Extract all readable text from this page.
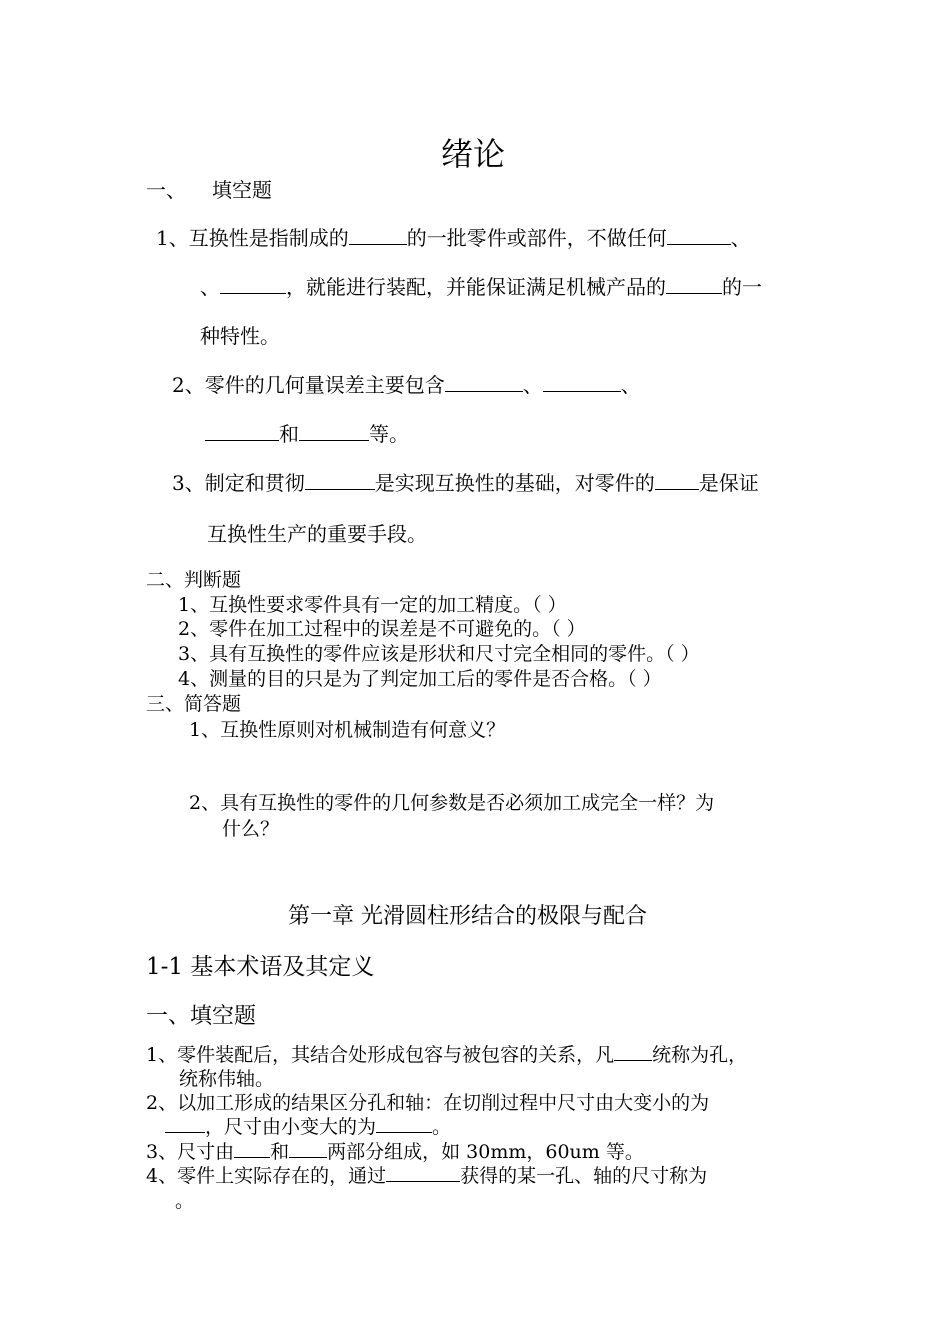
绪论
一、 填空题
1、互换性是指制成的	的一批零件或部件，不做任何	、
、	，就能进行装配，并能保证满足机械产品的	的一
种特性。
2、零件的几何量误差主要包含	、	、
和	等。
3、制定和贯彻	是实现互换性的基础，对零件的 是保证
互换性生产的重要手段。
二、判断题
1、互换性要求零件具有一定的加工精度。（ ）
2、零件在加工过程中的误差是不可避免的。（ ）
3、具有互换性的零件应该是形状和尺寸完全相同的零件。（ ）
4、测量的目的只是为了判定加工后的零件是否合格。（ ）
三、简答题
1、互换性原则对机械制造有何意义？
2、具有互换性的零件的几何参数是否必须加工成完全一样？为
什么？
第一章 光滑圆柱形结合的极限与配合
1-1 基本术语及其定义
一、填空题
1、零件装配后，其结合处形成包容与被包容的关系，凡 统称为孔，
统称伟轴。
2、以加工形成的结果区分孔和轴：在切削过程中尺寸由大变小的为
，尺寸由小变大的为	。
3、尺寸由 和 两部分组成，如 30mm，60um 等。
4、零件上实际存在的，通过	获得的某一孔、轴的尺寸称为
。
